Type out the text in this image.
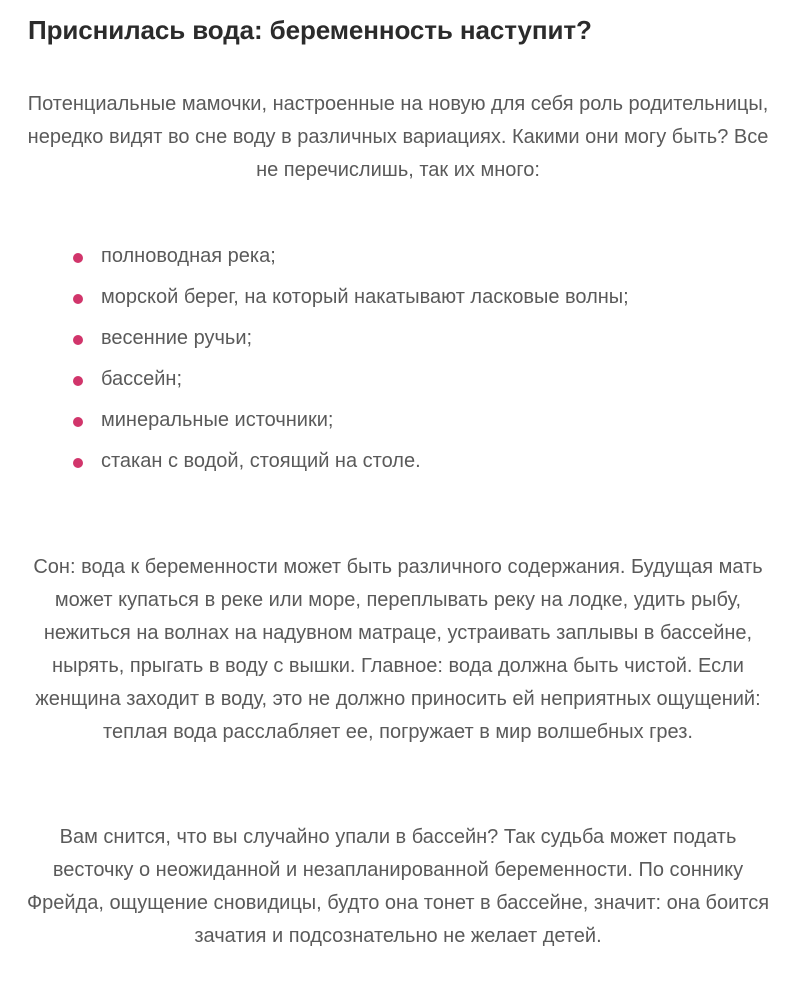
Приснилась вода: беременность наступит?

Потенциальные мамочки, настроенные на новую для себя роль родительницы, нередко видят во сне воду в различных вариациях. Какими они могу быть? Все не перечислишь, так их много:

полноводная река;
морской берег, на который накатывают ласковые волны;
весенние ручьи;
бассейн;
минеральные источники;
стакан с водой, стоящий на столе.

Сон: вода к беременности может быть различного содержания. Будущая мать может купаться в реке или море, переплывать реку на лодке, удить рыбу, нежиться на волнах на надувном матраце, устраивать заплывы в бассейне, нырять, прыгать в воду с вышки. Главное: вода должна быть чистой. Если женщина заходит в воду, это не должно приносить ей неприятных ощущений: теплая вода расслабляет ее, погружает в мир волшебных грез.

Вам снится, что вы случайно упали в бассейн? Так судьба может подать весточку о неожиданной и незапланированной беременности. По соннику Фрейда, ощущение сновидицы, будто она тонет в бассейне, значит: она боится зачатия и подсознательно не желает детей.
